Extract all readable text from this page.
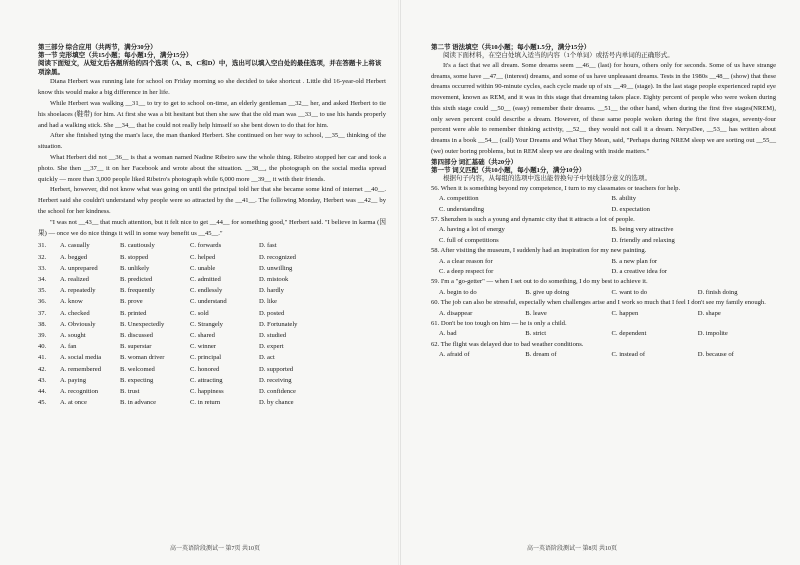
第三部分 综合应用（共两节，满分30分）
第一节 完形填空（共15小题；每小题1分，满分15分）
阅读下面短文，从短文后各题所给的四个选项（A、B、C和D）中，选出可以填入空白处的最佳选项，并在答题卡上将该项涂黑。

Diana Herbert was running late for school on Friday morning so she decided to take shortcut . Little did 16-year-old Herbert know this would make a big difference in her life.

While Herbert was walking __31__ to try to get to school on-time, an elderly gentleman __32__ her, and asked Herbert to tie his shoelaces (鞋带) for him. At first she was a bit hesitant but then she saw that the old man was __33__ to use his hands properly and had a walking stick. She __34__ that he could not really help himself so she bent down to do that for him.

After she finished tying the man's lace, the man thanked Herbert. She continued on her way to school, __35__ thinking of the situation.

What Herbert did not __36__ is that a woman named Nadine Ribeiro saw the whole thing. Ribeiro stopped her car and took a photo. She then __37__ it on her Facebook and wrote about the situation. __38__, the photograph on the social media spread quickly — more than 3,000 people liked Ribeiro's photograph while 6,000 more __39__ it with their friends.

Herbert, however, did not know what was going on until the principal told her that she became some kind of internet __40__. Herbert said she couldn't understand why people were so attracted by the __41__. The following Monday, Herbert was __42__ by the school for her kindness.

"I was not __43__ that much attention, but it felt nice to get __44__ for something good," Herbert said. "I believe in karma (因果) — once we do nice things it will in some way benefit us __45__."

31.	A. casually	B. cautiously	C. forwards	D. fast
32.	A. begged	B. stopped	C. helped	D. recognized
33.	A. unprepared	B. unlikely	C. unable	D. unwilling
34.	A. realized	B. predicted	C. admitted	D. mistook
35.	A. repeatedly	B. frequently	C. endlessly	D. hardly
36.	A. know	B. prove	C. understand	D. like
37.	A. checked	B. printed	C. sold	D. posted
38.	A. Obviously	B. Unexpectedly	C. Strangely	D. Fortunately
39.	A. sought	B. discussed	C. shared	D. studied
40.	A. fan	B. superstar	C. winner	D. expert
41.	A. social media	B. woman driver	C. principal	D. act
42.	A. remembered	B. welcomed	C. honored	D. supported
43.	A. paying	B. expecting	C. attracting	D. receiving
44.	A. recognition	B. trust	C. happiness	D. confidence
45.	A. at once	B. in advance	C. in return	D. by chance
高一英语阶段测试一 第7页 共10页
第二节 语法填空（共10小题；每小题1.5分，满分15分）
阅读下面材料，在空白处填入适当的内容（1个单词）或括号内单词的正确形式。

It's a fact that we all dream. Some dreams seem __46__ (last) for hours, others only for seconds. Some of us have strange dreams, some have __47__ (interest) dreams, and some of us have unpleasant dreams. Tests in the 1980s __48__ (show) that these dreams occurred within 90-minute cycles, each cycle made up of six __49__ (stage). In the last stage people experienced rapid eye movement, known as REM, and it was in this stage that dreaming takes place. Eighty percent of people who were woken during this sixth stage could __50__ (easy) remember their dreams. __51__ the other hand, when during the first five stages(NREM), only seven percent could describe a dream. However, of these same people woken during the first five stages, seventy-four percent were able to remember thinking activity, __52__ they would not call it a dream. NerysDee, __53__ has written about dreams in a book __54__ (call) Your Dreams and What They Mean, said, "Perhaps during NREM sleep we are sorting out __55__ (we) outer boring problems, but in REM sleep we are dealing with inside matters."

第四部分 词汇基础（共20分）
第一节 词义匹配（共10小题，每小题1分，满分10分）
根据句子内容，从每组的选项中选出能替换句子中划线部分意义的选项。
56. When it is something beyond my competence, I turn to my classmates or teachers for help.
A. competition	B. ability
C. understanding	D. expectation
57. Shenzhen is such a young and dynamic city that it attracts a lot of people.
A. having a lot of energy	B. being very attractive
C. full of competitions	D. friendly and relaxing
58. After visiting the museum, I suddenly had an inspiration for my new painting.
A. a clear reason for	B. a new plan for
C. a deep respect for	D. a creative idea for
59. I'm a "go-getter" — when I set out to do something, I do my best to achieve it.
A. begin to do	B. give up doing	C. want to do	D. finish doing
60. The job can also be stressful, especially when challenges arise and I work so much that I feel I don't see my family enough.
A. disappear	B. leave	C. happen	D. shape
61. Don't be too tough on him — he is only a child.
A. bad	B. strict	C. dependent	D. impolite
62. The flight was delayed due to bad weather conditions.
A. afraid of	B. dream of	C. instead of	D. because of
高一英语阶段测试一 第8页 共10页
